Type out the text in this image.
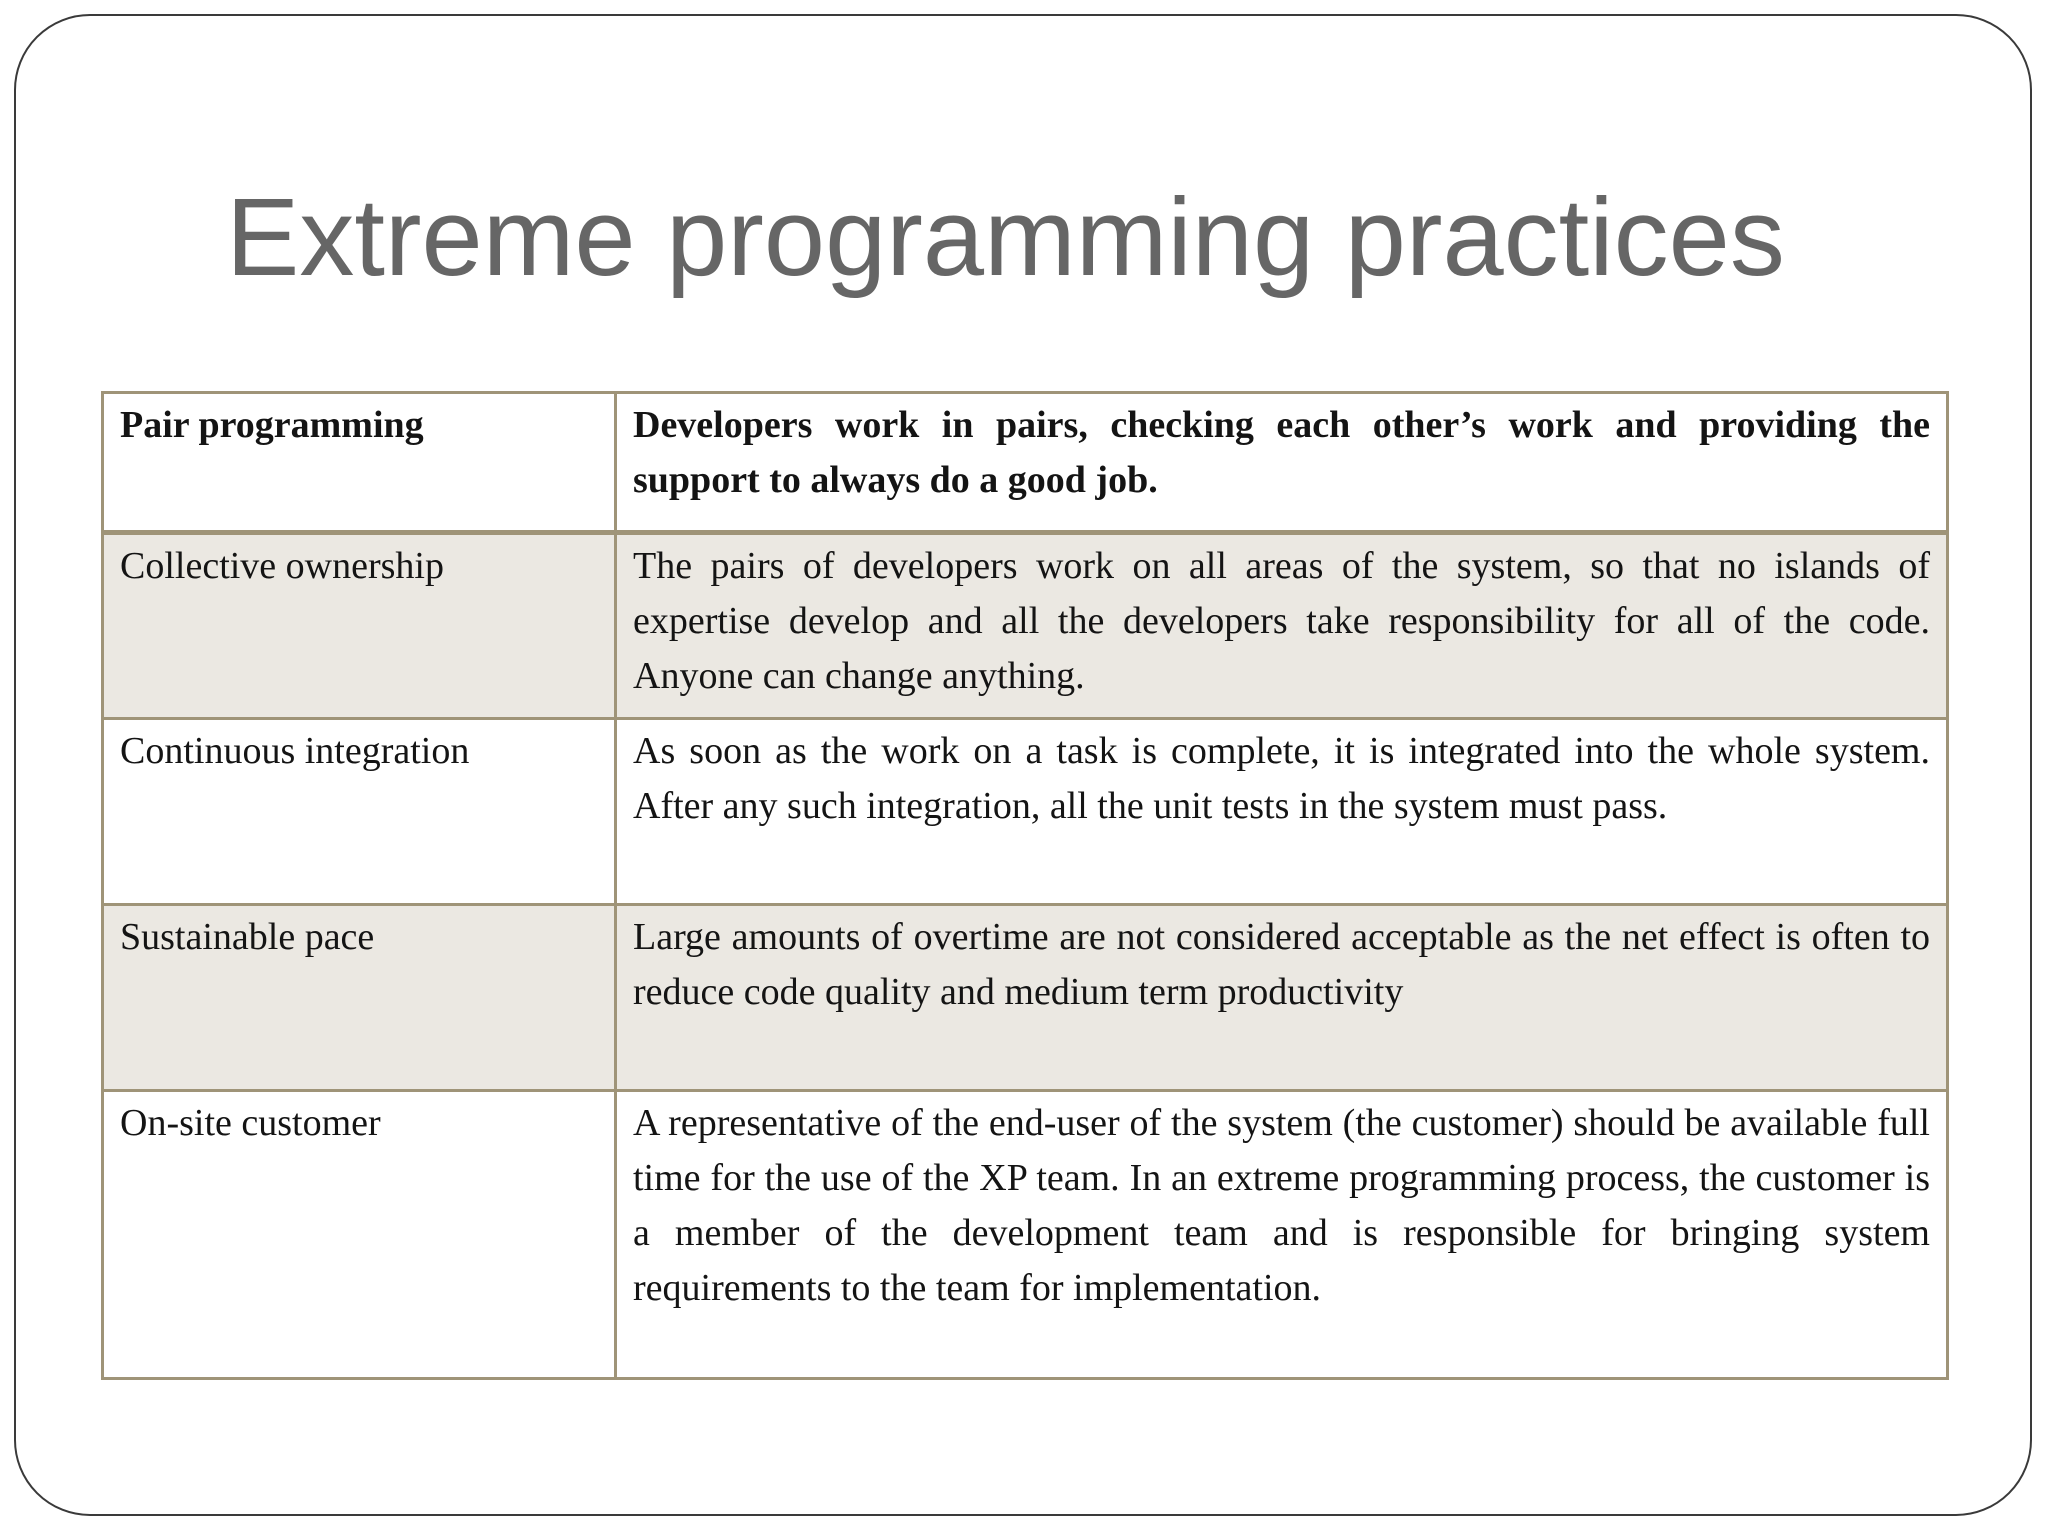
Extreme programming practices
Pair programming	Developers work in pairs, checking each other’s work and providing the support to always do a good job.
Collective ownership	The pairs of developers work on all areas of the system, so that no islands of expertise develop and all the developers take responsibility for all of the code. Anyone can change anything.
Continuous integration	As soon as the work on a task is complete, it is integrated into the whole system. After any such integration, all the unit tests in the system must pass.
Sustainable pace	Large amounts of overtime are not considered acceptable as the net effect is often to reduce code quality and medium term productivity
On-site customer	A representative of the end-user of the system (the customer) should be available full time for the use of the XP team. In an extreme programming process, the customer is a member of the development team and is responsible for bringing system requirements to the team for implementation.
